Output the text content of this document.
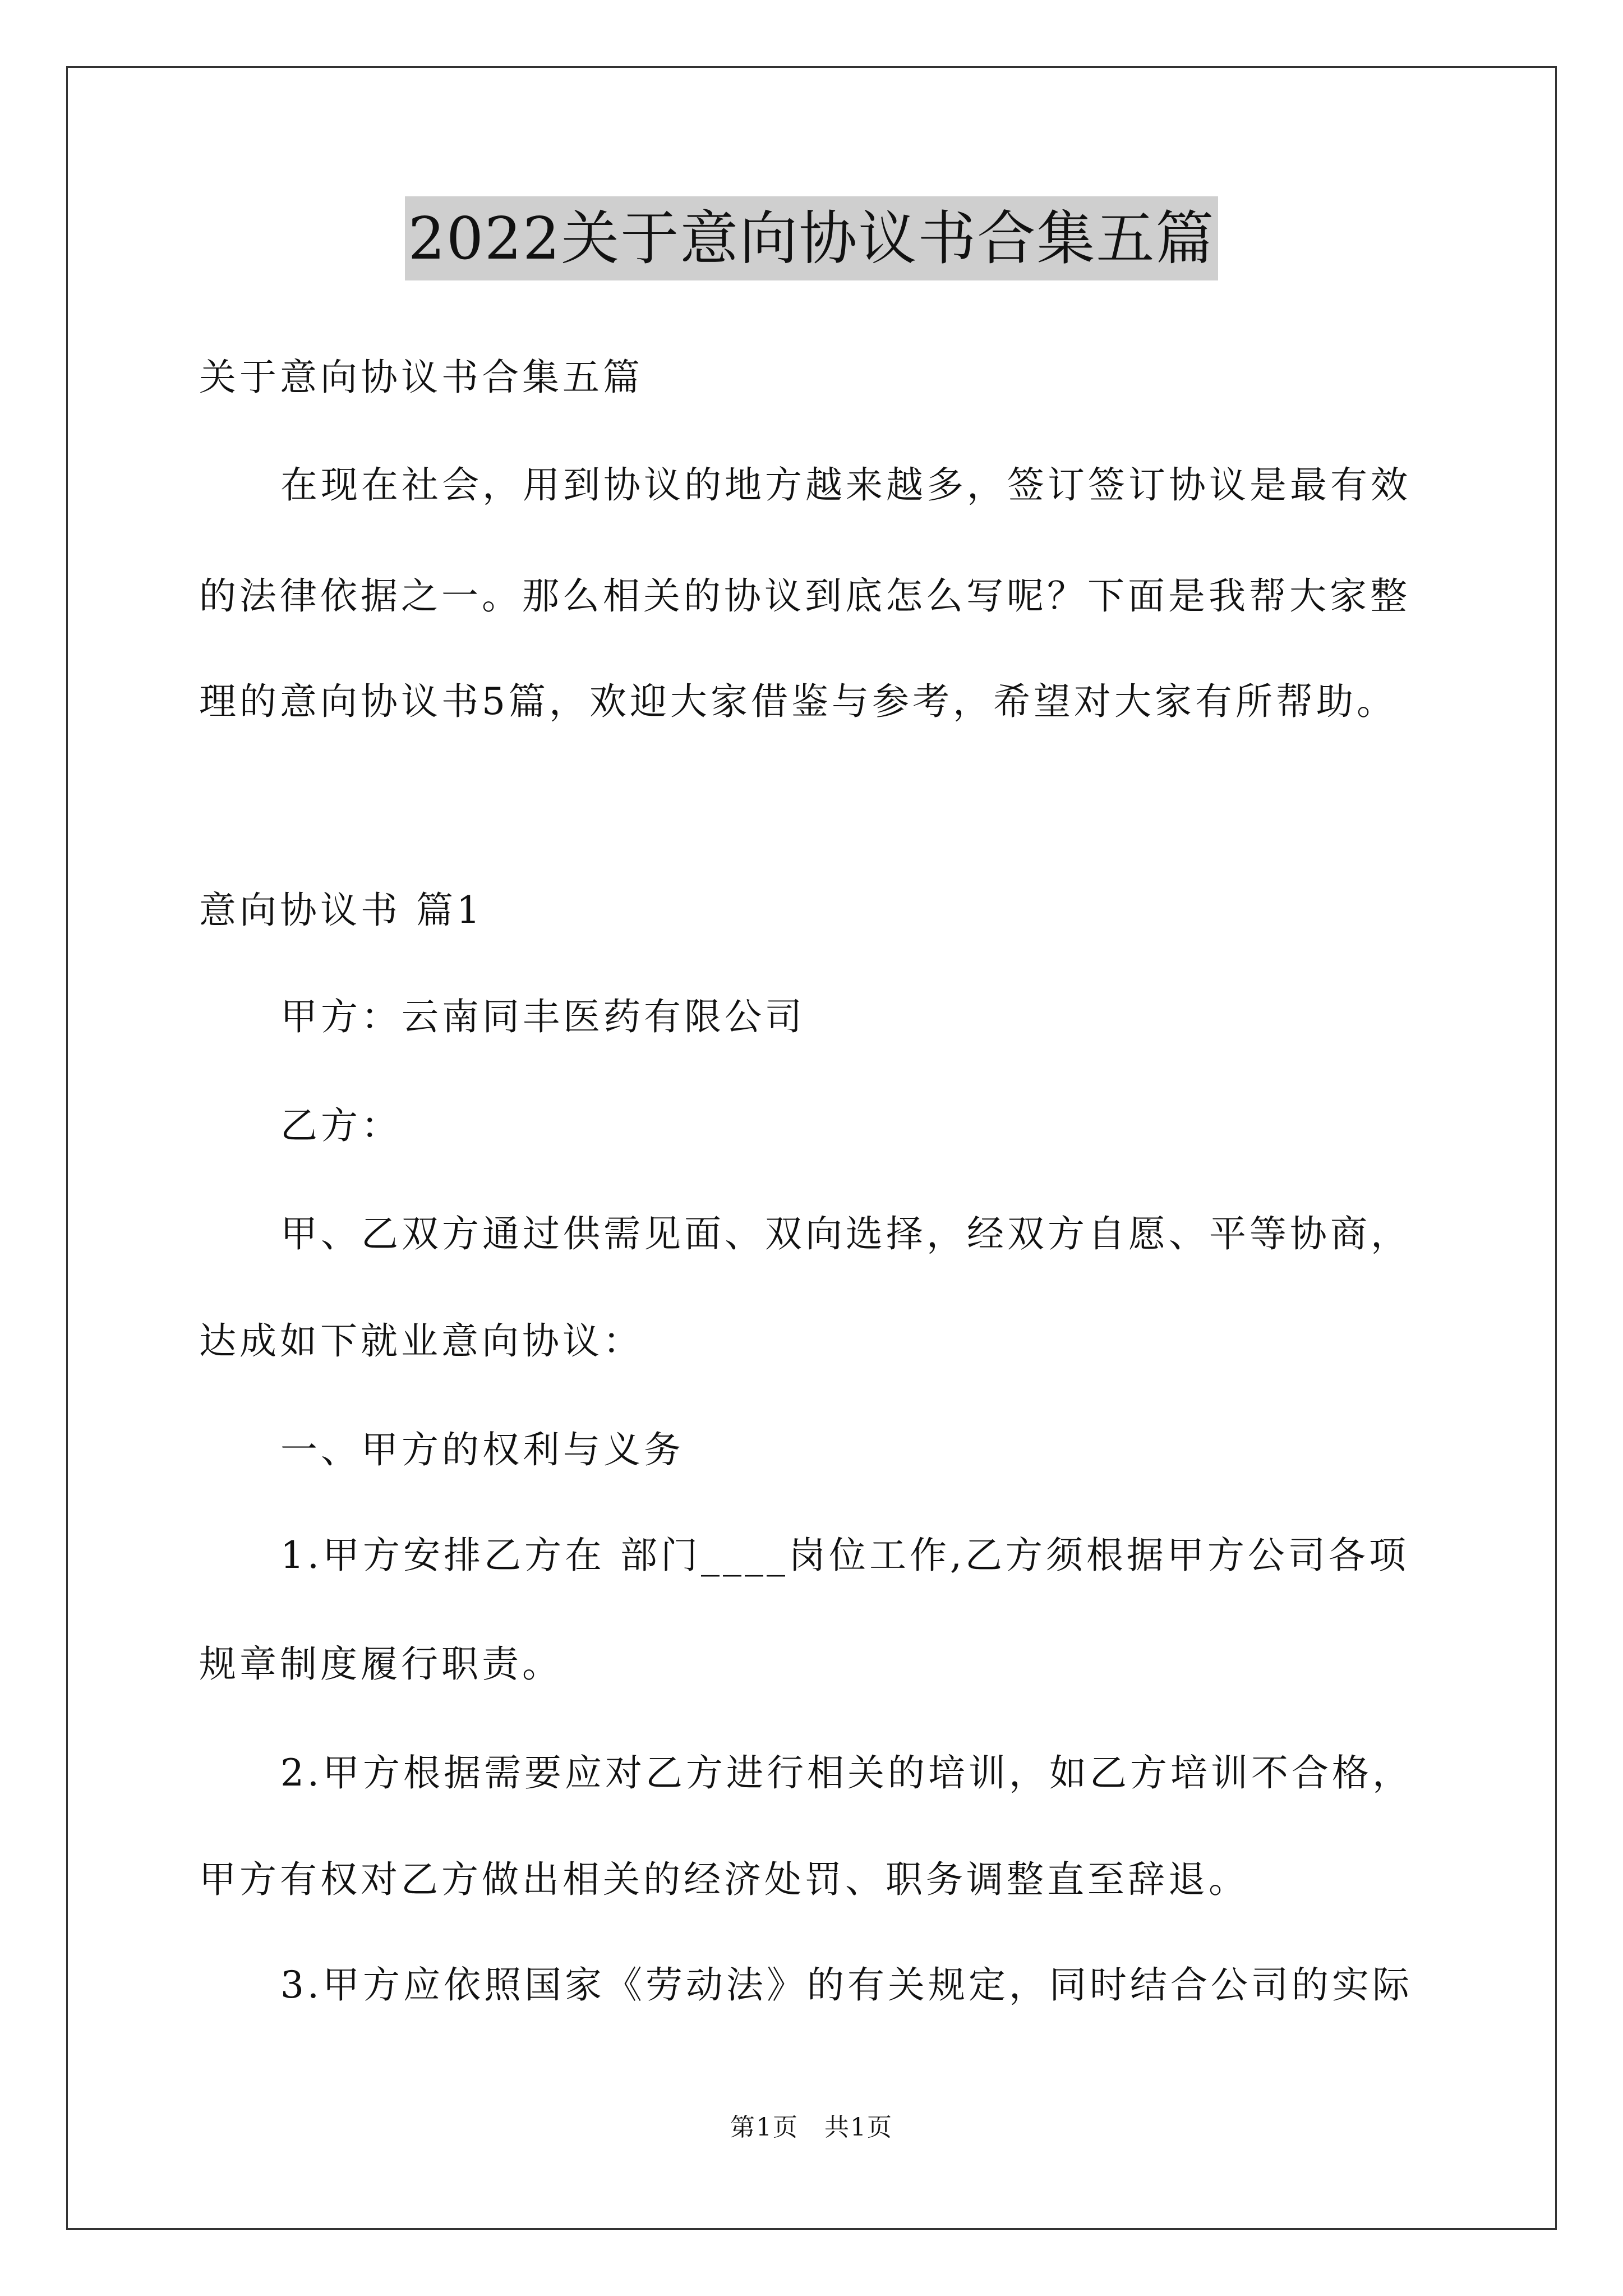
2022关于意向协议书合集五篇
关于意向协议书合集五篇
在现在社会，用到协议的地方越来越多，签订签订协议是最有效
的法律依据之一。那么相关的协议到底怎么写呢？下面是我帮大家整
理的意向协议书5篇，欢迎大家借鉴与参考，希望对大家有所帮助。
意向协议书 篇1
甲方：云南同丰医药有限公司
乙方：
甲、乙双方通过供需见面、双向选择，经双方自愿、平等协商，
达成如下就业意向协议：
一、甲方的权利与义务
1.甲方安排乙方在 部门____岗位工作,乙方须根据甲方公司各项
规章制度履行职责。
2.甲方根据需要应对乙方进行相关的培训，如乙方培训不合格，
甲方有权对乙方做出相关的经济处罚、职务调整直至辞退。
3.甲方应依照国家《劳动法》的有关规定，同时结合公司的实际
第1页　共1页
